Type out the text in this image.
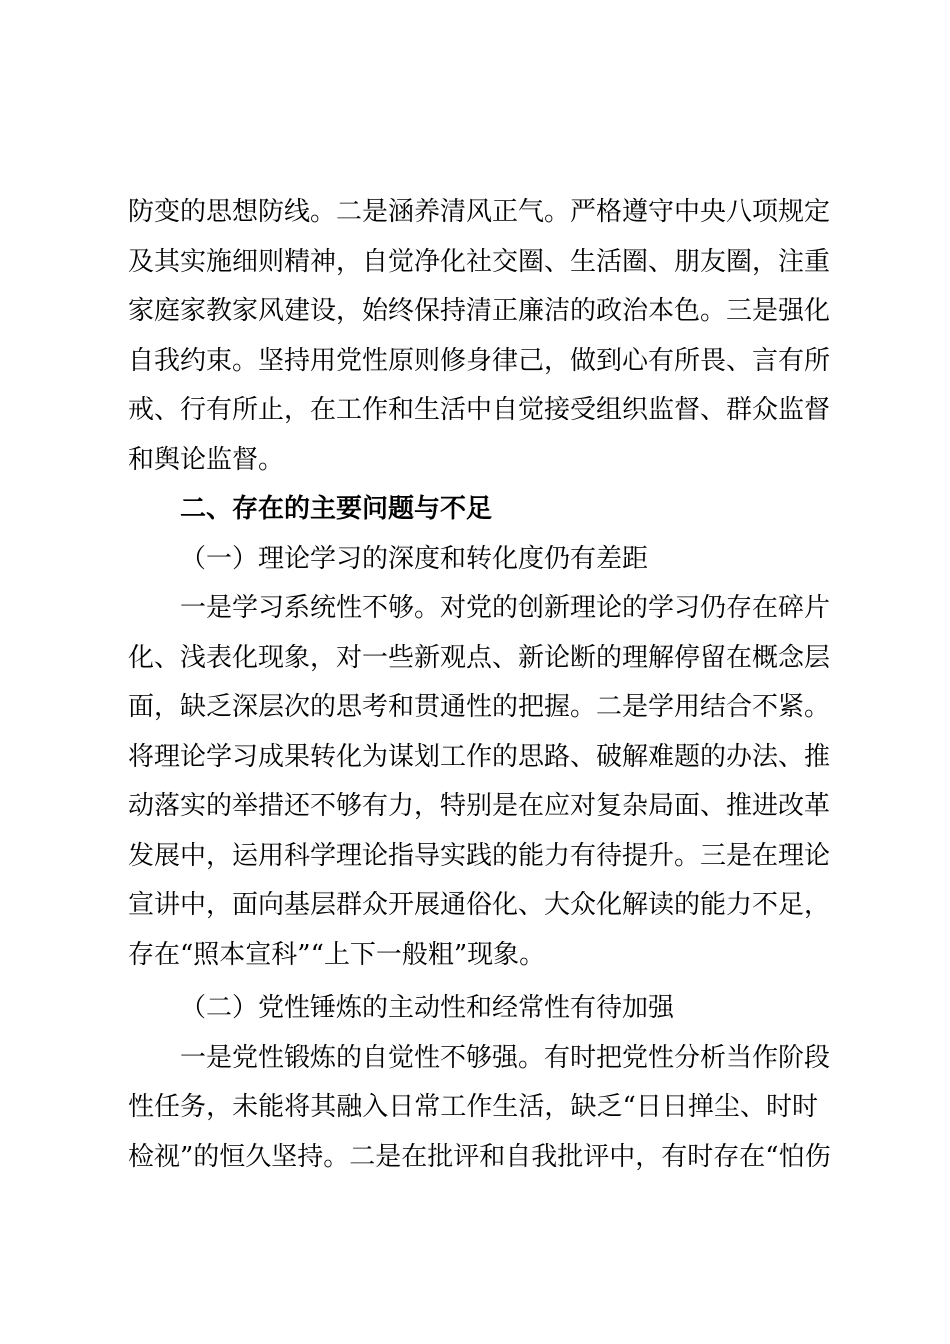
防变的思想防线。二是涵养清风正气。严格遵守中央八项规定
及其实施细则精神，自觉净化社交圈、生活圈、朋友圈，注重
家庭家教家风建设，始终保持清正廉洁的政治本色。三是强化
自我约束。坚持用党性原则修身律己，做到心有所畏、言有所
戒、行有所止，在工作和生活中自觉接受组织监督、群众监督
和舆论监督。
二、存在的主要问题与不足
（一）理论学习的深度和转化度仍有差距
一是学习系统性不够。对党的创新理论的学习仍存在碎片
化、浅表化现象，对一些新观点、新论断的理解停留在概念层
面，缺乏深层次的思考和贯通性的把握。二是学用结合不紧。
将理论学习成果转化为谋划工作的思路、破解难题的办法、推
动落实的举措还不够有力，特别是在应对复杂局面、推进改革
发展中，运用科学理论指导实践的能力有待提升。三是在理论
宣讲中，面向基层群众开展通俗化、大众化解读的能力不足，
存在“照本宣科”“上下一般粗”现象。
（二）党性锤炼的主动性和经常性有待加强
一是党性锻炼的自觉性不够强。有时把党性分析当作阶段
性任务，未能将其融入日常工作生活，缺乏“日日掸尘、时时
检视”的恒久坚持。二是在批评和自我批评中，有时存在“怕伤
